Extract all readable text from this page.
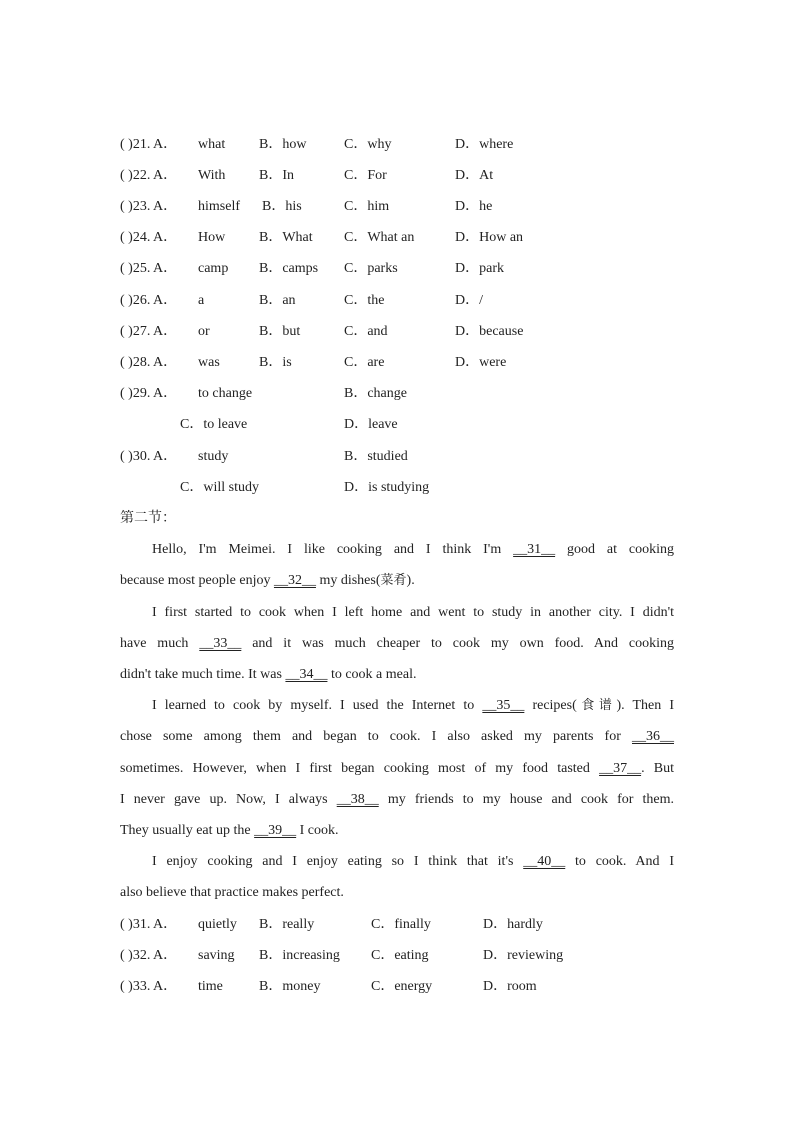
( )21. A． what B．how	C．why	D．where
( )22. A． With B．In	C．For	D．At
( )23. A． himself B．his	C．him	D．he
( )24. A． How B．What C．What an	D．How an
( )25. A． camp B．camps C．parks	D．park
( )26. A． a	B．an	C．the	D．/
( )27. A． or	B．but	C．and	D．because
( )28. A． was	B．is	C．are	D．were
( )29. A． to change	B．change
C．to leave	D．leave
( )30. A． study	B．studied
C．will study	D．is studying
第二节：
Hello, I'm Meimei. I like cooking and I think I'm __31__ good at cooking
because most people enjoy __32__ my dishes(菜肴).
I first started to cook when I left home and went to study in another city. I didn't
have much __33__ and it was much cheaper to cook my own food. And cooking
didn't take much time. It was __34__ to cook a meal.
I learned to cook by myself. I used the Internet to __35__ recipes(食谱). Then I
chose some among them and began to cook. I also asked my parents for __36__
sometimes. However, when I first began cooking most of my food tasted __37__. But
I never gave up. Now, I always __38__ my friends to my house and cook for them.
They usually eat up the __39__ I cook.
I enjoy cooking and I enjoy eating so I think that it's __40__ to cook. And I
also believe that practice makes perfect.
( )31. A． quietly B．really	C．finally	D．hardly
( )32. A． saving B．increasing C．eating	D．reviewing
( )33. A． time	B．money	C．energy	D．room
